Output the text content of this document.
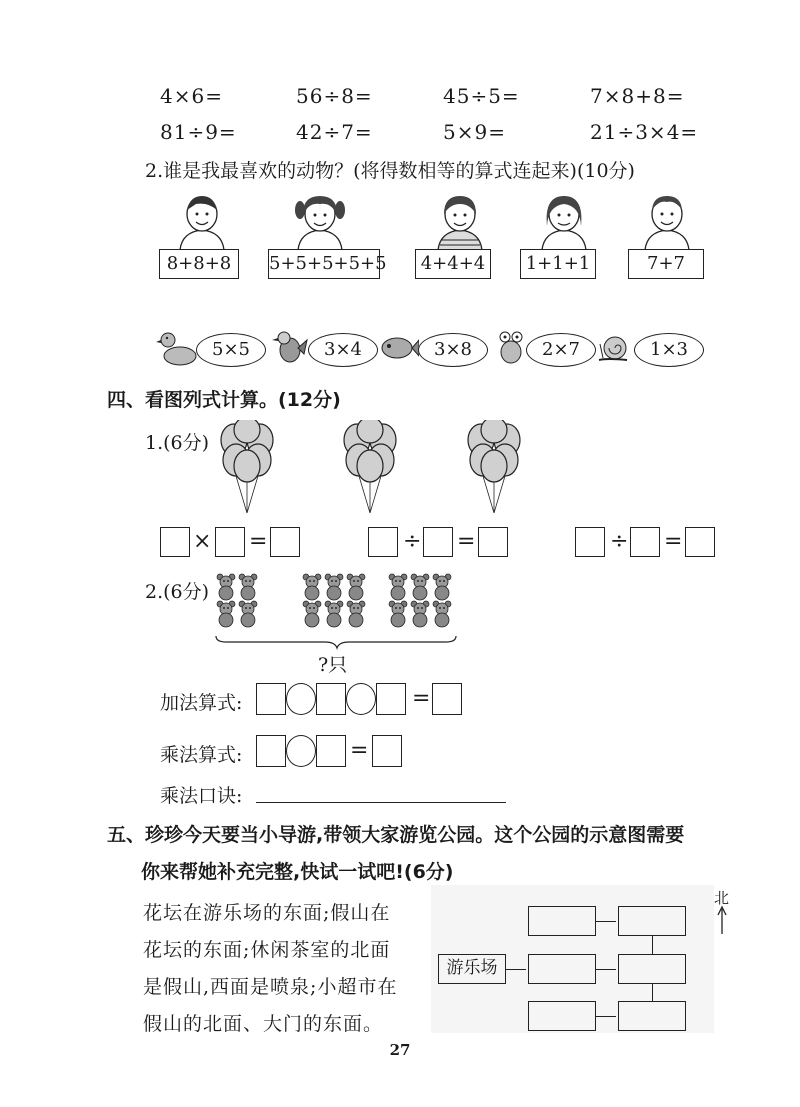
4×6=	56÷8=	45÷5=	7×8+8=
81÷9=	42÷7=	5×9=	21÷3×4=
2.谁是我最喜欢的动物？(将得数相等的算式连起来)(10分)
8+8+8	5+5+5+5+5	4+4+4	1+1+1	7+7
5×5	3×4	3×8	2×7	1×3
四、看图列式计算。(12分)
1.(6分)
× =	÷ =	÷ =
2.(6分)
?只
加法算式:	=
乘法算式:	=
乘法口诀:
五、珍珍今天要当小导游,带领大家游览公园。这个公园的示意图需要
你来帮她补充完整,快试一试吧!(6分)
花坛在游乐场的东面;假山在
花坛的东面;休闲茶室的北面
是假山,西面是喷泉;小超市在
假山的北面、大门的东面。
游乐场
北
27
